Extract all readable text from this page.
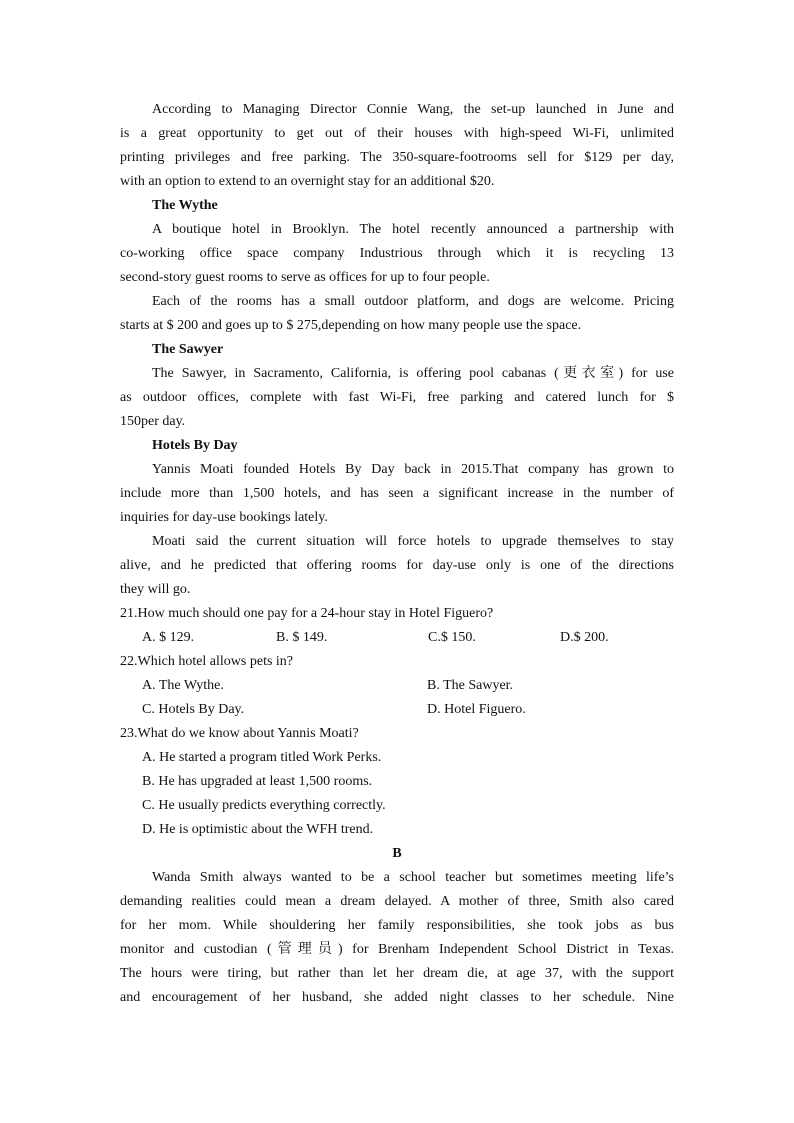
According to Managing Director Connie Wang, the set-up launched in June and
is a great opportunity to get out of their houses with high-speed Wi-Fi, unlimited
printing privileges and free parking. The 350-square-footrooms sell for $129 per day,
with an option to extend to an overnight stay for an additional $20.

The Wythe

A boutique hotel in Brooklyn. The hotel recently announced a partnership with
co-working office space company Industrious through which it is recycling 13
second-story guest rooms to serve as offices for up to four people.
Each of the rooms has a small outdoor platform, and dogs are welcome. Pricing
starts at $ 200 and goes up to $ 275,depending on how many people use the space.

The Sawyer

The Sawyer, in Sacramento, California, is offering pool cabanas (更衣室) for use
as outdoor offices, complete with fast Wi-Fi, free parking and catered lunch for $
150per day.

Hotels By Day

Yannis Moati founded Hotels By Day back in 2015.That company has grown to
include more than 1,500 hotels, and has seen a significant increase in the number of
inquiries for day-use bookings lately.
Moati said the current situation will force hotels to upgrade themselves to stay
alive, and he predicted that offering rooms for day-use only is one of the directions
they will go.

21.How much should one pay for a 24-hour stay in Hotel Figuero?

A. $ 129.	B. $ 149.	C.$ 150.	D.$ 200.

22.Which hotel allows pets in?

A. The Wythe.	B. The Sawyer.
C. Hotels By Day.	D. Hotel Figuero.

23.What do we know about Yannis Moati?

A. He started a program titled Work Perks.

B. He has upgraded at least 1,500 rooms.

C. He usually predicts everything correctly.

D. He is optimistic about the WFH trend.

B

Wanda Smith always wanted to be a school teacher but sometimes meeting life’s
demanding realities could mean a dream delayed. A mother of three, Smith also cared
for her mom. While shouldering her family responsibilities, she took jobs as bus
monitor and custodian (管理员) for Brenham Independent School District in Texas.
The hours were tiring, but rather than let her dream die, at age 37, with the support
and encouragement of her husband, she added night classes to her schedule. Nine
